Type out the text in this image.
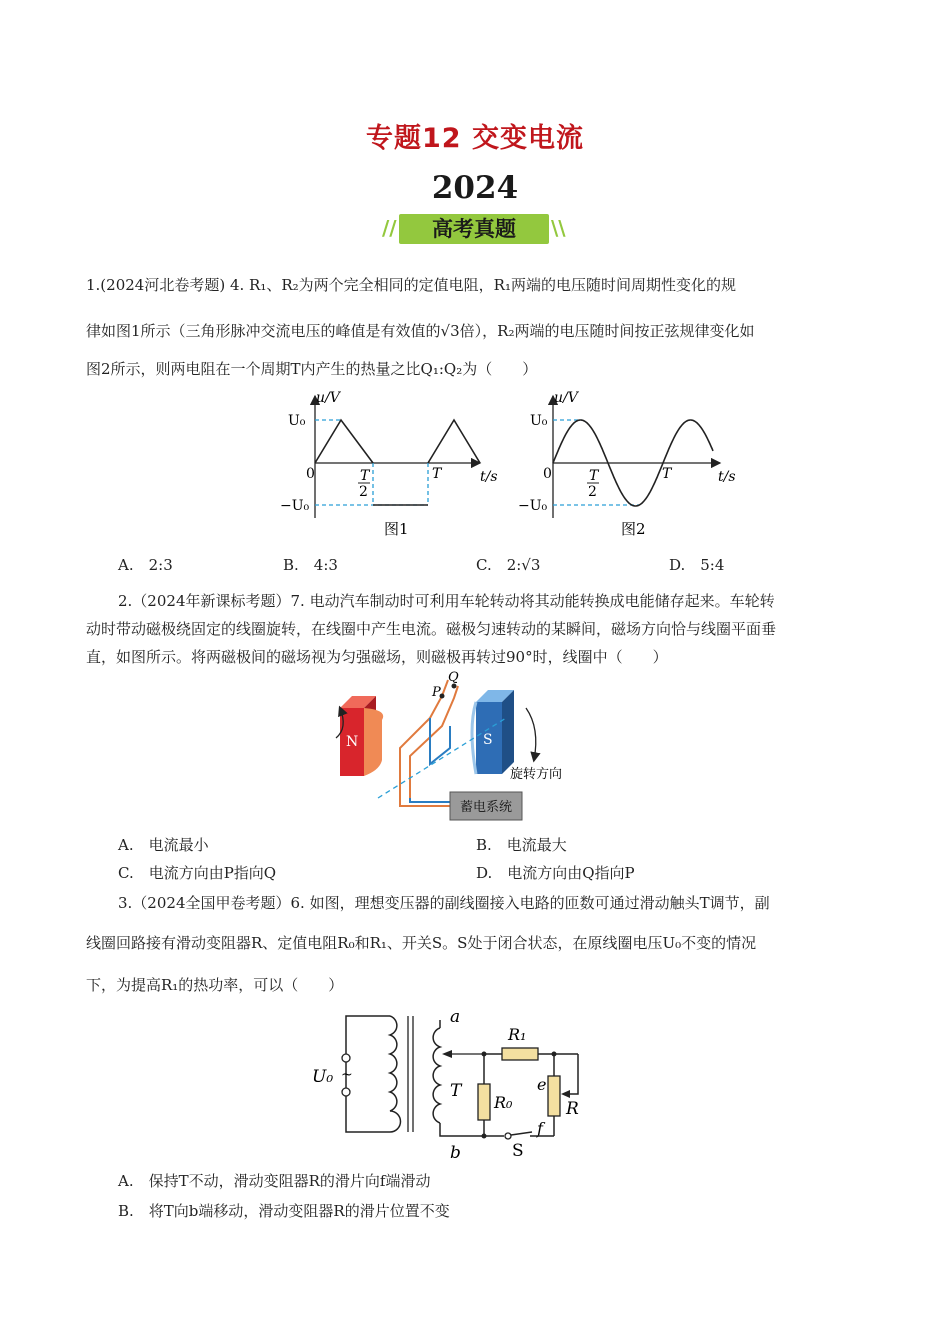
专题12 交变电流
2024
高考真题
//	\\
1.(2024河北卷考题) 4. R₁、R₂为两个完全相同的定值电阻，R₁两端的电压随时间周期性变化的规
律如图1所示（三角形脉冲交流电压的峰值是有效值的√3倍），R₂两端的电压随时间按正弦规律变化如
图2所示，则两电阻在一个周期T内产生的热量之比Q₁:Q₂为（　　）
u/V
U₀
−U₀
0	T
2
T	t/s
图1
u/V
U₀
−U₀
0	T
2
T	t/s
图2
A.　2:3	B.　4:3	C.　2:√3	D.　5:4
2.（2024年新课标考题）7. 电动汽车制动时可利用车轮转动将其动能转换成电能储存起来。车轮转
动时带动磁极绕固定的线圈旋转，在线圈中产生电流。磁极匀速转动的某瞬间，磁场方向恰与线圈平面垂
直，如图所示。将两磁极间的磁场视为匀强磁场，则磁极再转过90°时，线圈中（　　）
N	S
P
Q
蓄电系统
旋转方向
A.　电流最小	B.　电流最大
C.　电流方向由P指向Q	D.　电流方向由Q指向P
3.（2024全国甲卷考题）6. 如图，理想变压器的副线圈接入电路的匝数可通过滑动触头T调节，副
线圈回路接有滑动变阻器R、定值电阻R₀和R₁、开关S。S处于闭合状态，在原线圈电压U₀不变的情况
下，为提高R₁的热功率，可以（　　）
U₀ ~
a
b
T
R₀
R₁
e
f
R
S
A.　保持T不动，滑动变阻器R的滑片向f端滑动
B.　将T向b端移动，滑动变阻器R的滑片位置不变
